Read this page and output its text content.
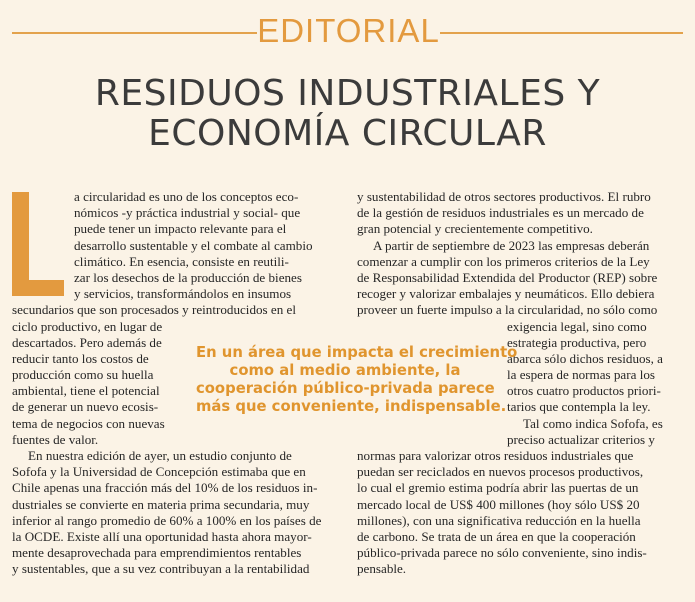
EDITORIAL
RESIDUOS INDUSTRIALES Y
ECONOMÍA CIRCULAR
a circularidad es uno de los conceptos eco-
nómicos -y práctica industrial y social- que
puede tener un impacto relevante para el
desarrollo sustentable y el combate al cambio
climático. En esencia, consiste en reutili-
zar los desechos de la producción de bienes
y servicios, transformándolos en insumos
secundarios que son procesados y reintroducidos en el
ciclo productivo, en lugar de
descartados. Pero además de
reducir tanto los costos de
producción como su huella
ambiental, tiene el potencial
de generar un nuevo ecosis-
tema de negocios con nuevas
fuentes de valor.
En nuestra edición de ayer, un estudio conjunto de
Sofofa y la Universidad de Concepción estimaba que en
Chile apenas una fracción más del 10% de los residuos in-
dustriales se convierte en materia prima secundaria, muy
inferior al rango promedio de 60% a 100% en los países de
la OCDE. Existe allí una oportunidad hasta ahora mayor-
mente desaprovechada para emprendimientos rentables
y sustentables, que a su vez contribuyan a la rentabilidad
y sustentabilidad de otros sectores productivos. El rubro
de la gestión de residuos industriales es un mercado de
gran potencial y crecientemente competitivo.
A partir de septiembre de 2023 las empresas deberán
comenzar a cumplir con los primeros criterios de la Ley
de Responsabilidad Extendida del Productor (REP) sobre
recoger y valorizar embalajes y neumáticos. Ello debiera
proveer un fuerte impulso a la circularidad, no sólo como
exigencia legal, sino como
estrategia productiva, pero
abarca sólo dichos residuos, a
la espera de normas para los
otros cuatro productos priori-
tarios que contempla la ley.
Tal como indica Sofofa, es
preciso actualizar criterios y
normas para valorizar otros residuos industriales que
puedan ser reciclados en nuevos procesos productivos,
lo cual el gremio estima podría abrir las puertas de un
mercado local de US$ 400 millones (hoy sólo US$ 20
millones), con una significativa reducción en la huella
de carbono. Se trata de un área en que la cooperación
público-privada parece no sólo conveniente, sino indis-
pensable.
En un área que impacta el crecimiento
como al medio ambiente, la
cooperación público-privada parece
más que conveniente, indispensable.
